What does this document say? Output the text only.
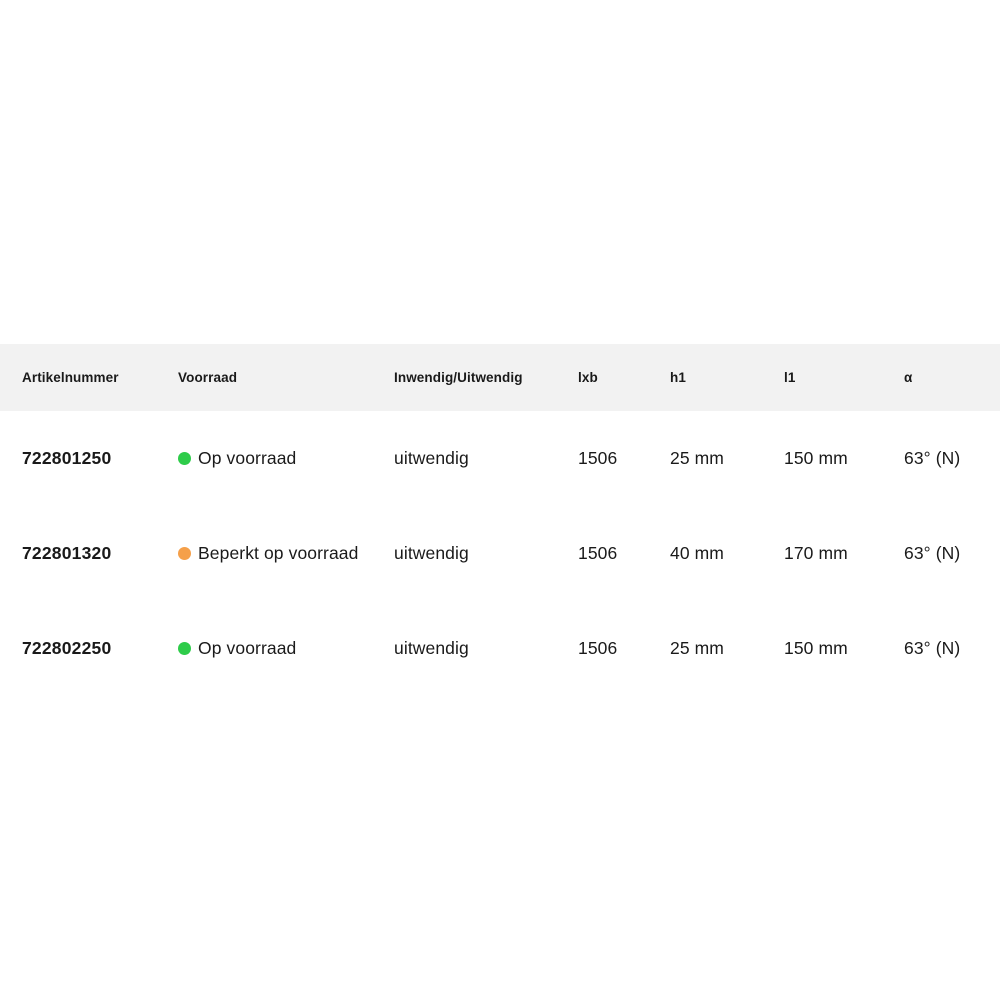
Artikelnummer	Voorraad	Inwendig/Uitwendig	lxb	h1	l1	α
722801250	Op voorraad	uitwendig	1506	25 mm	150 mm	63° (N)
722801320	Beperkt op voorraad	uitwendig	1506	40 mm	170 mm	63° (N)
722802250	Op voorraad	uitwendig	1506	25 mm	150 mm	63° (N)
